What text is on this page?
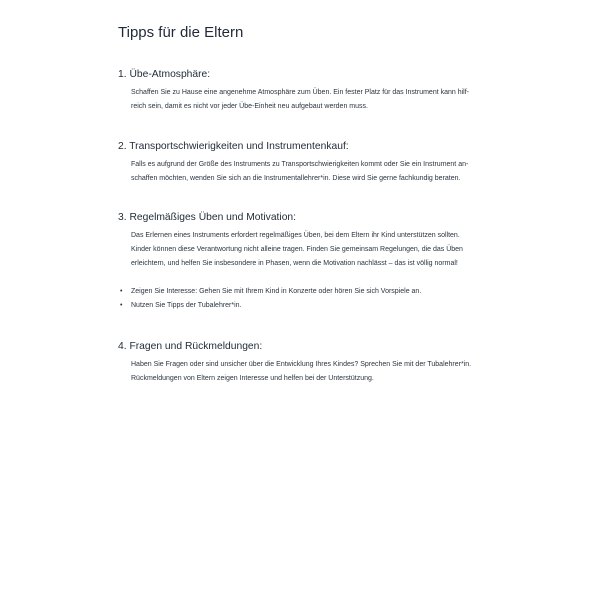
Tipps für die Eltern
1. Übe-Atmosphäre:
Schaffen Sie zu Hause eine angenehme Atmosphäre zum Üben. Ein fester Platz für das Instrument kann hilf-
reich sein, damit es nicht vor jeder Übe-Einheit neu aufgebaut werden muss.
2. Transportschwierigkeiten und Instrumentenkauf:
Falls es aufgrund der Größe des Instruments zu Transportschwierigkeiten kommt oder Sie ein Instrument an-
schaffen möchten, wenden Sie sich an die Instrumentallehrer*in. Diese wird Sie gerne fachkundig beraten.
3. Regelmäßiges Üben und Motivation:
Das Erlernen eines Instruments erfordert regelmäßiges Üben, bei dem Eltern ihr Kind unterstützen sollten.
Kinder können diese Verantwortung nicht alleine tragen. Finden Sie gemeinsam Regelungen, die das Üben
erleichtern, und helfen Sie insbesondere in Phasen, wenn die Motivation nachlässt – das ist völlig normal!
• Zeigen Sie Interesse: Gehen Sie mit Ihrem Kind in Konzerte oder hören Sie sich Vorspiele an.
• Nutzen Sie Tipps der Tubalehrer*in.
4. Fragen und Rückmeldungen:
Haben Sie Fragen oder sind unsicher über die Entwicklung Ihres Kindes? Sprechen Sie mit der Tubalehrer*in.
Rückmeldungen von Eltern zeigen Interesse und helfen bei der Unterstützung.
